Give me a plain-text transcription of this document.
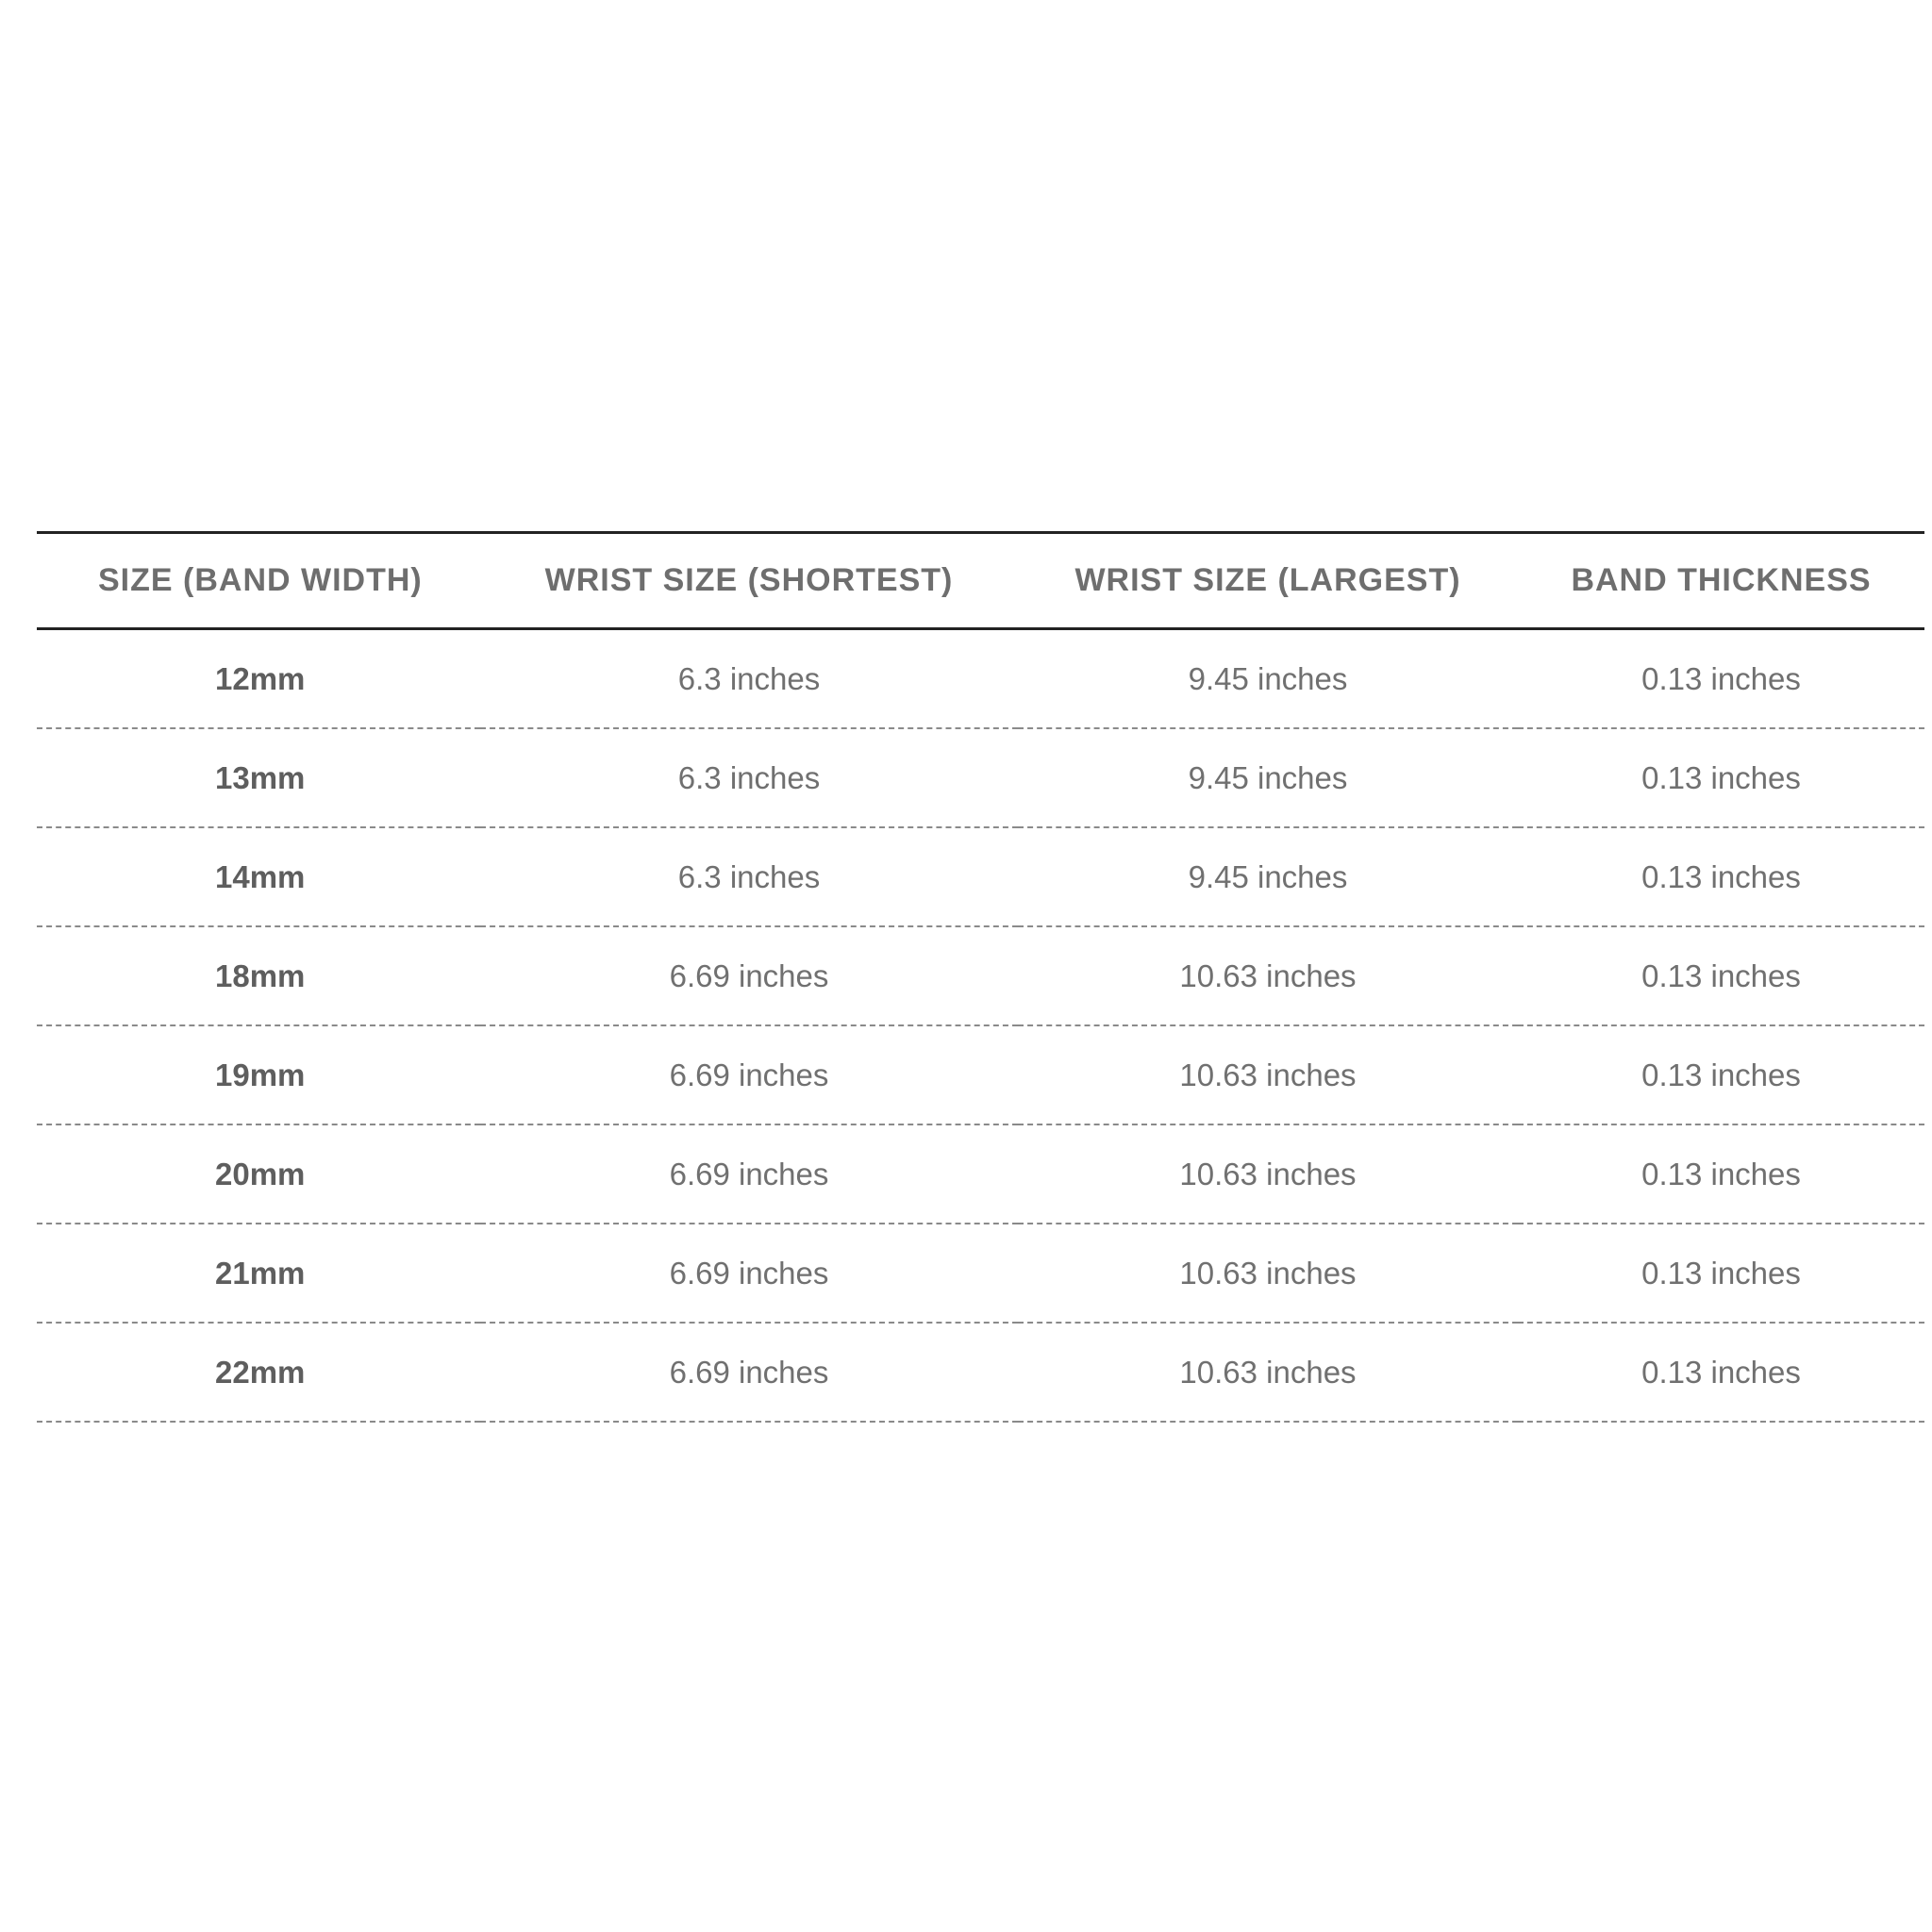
SIZE (BAND WIDTH)	WRIST SIZE (SHORTEST)	WRIST SIZE (LARGEST)	BAND THICKNESS
12mm	6.3 inches	9.45 inches	0.13 inches
13mm	6.3 inches	9.45 inches	0.13 inches
14mm	6.3 inches	9.45 inches	0.13 inches
18mm	6.69 inches	10.63 inches	0.13 inches
19mm	6.69 inches	10.63 inches	0.13 inches
20mm	6.69 inches	10.63 inches	0.13 inches
21mm	6.69 inches	10.63 inches	0.13 inches
22mm	6.69 inches	10.63 inches	0.13 inches
